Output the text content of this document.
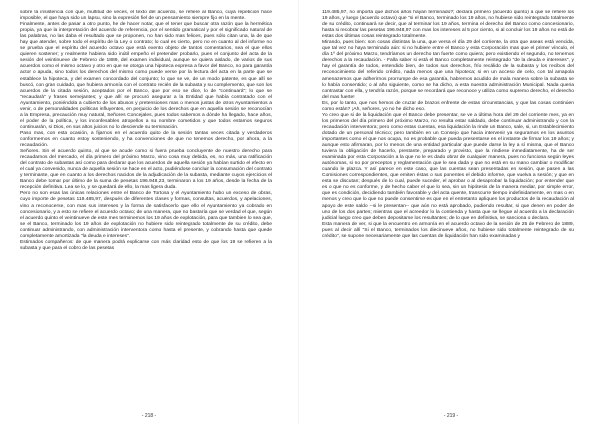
sobre la insistencia con que, multitud de veces, el texto del acuerdo, se refiere al Banco, cuya repetición hace imposible, el que haya sido un lapsu, sino la expresión fiel de un pensamiento siempre fijo en la mente.

Finalmente, antes de pasar a otro punto, he de hacer notar, que el tener que buscar otra razón que la hermética propia, ya que la interpretación del acuerdo de referencia, por el sentido gramatical y por el significado natural de las palabras, no las daba el resultado que se proponen, no han sido mas felices, pues sólo citan una, la de que hay que atender, sobre todo el espíritu de la Ley o contrato; lo cual es cierto, pero no en cuanto al del informe no se prueba que el espíritu del acuerdo octavo que está exento objeto de tantos comentarios, sea el que ellos quieren sostener; y realmente habiera sido inútil empeño el pretender probarlo, pues el conjunto del acta de la sesión del veintinueve de Febrero de 1889, del examen individual, aunque se quiera aislado, de varios de sus acuerdos como el mismo octavo y otro en que se otorga una hipoteca expresa a favor del Banco, no para garantía actor o apuda, sino todos los derechos del mismo como puede verse por la lectura del acta en la parte que se establece la hipoteca, y del examen concordado del conjunto; lo que se ve, de un modo patente, es que allí se buscó, con gran cuidado, que hubiera armonía con el contrato recién de la subasta y su complemento, que son los acuerdos de la citada sesión, aceptados por el Banco, que por eso se dice, lo de "continuará"; lo que se "recaudará" y frases semejantes; y que allí se procuró asegurar a la Entidad que había contratado con el Ayuntamiento, poniéndola a cubierto de los abusos y pretensiones mas o menos justas de otros Ayuntamientos a venir, o de personalidades políticas influyentes, en perjuicio de los derechos que en aquella sesión se reconocían a la Empresa, precaución muy natural, Señores Concejales, pues todos sabemos a dónde ha llegado, hace años, el poder de la política, y los inconfesables atropellos a su nombre cometidos y que todos estamos seguros continuarán, si Dios, en sus altos juicios no lo desciende su terminación.

Paso mas, con esta ocasión, a fijarnos en el acuerdo quito de la sesión tantas veces citada y verdaderos conformemos en cuanto estoy sosteniendo, y ha convenciones de que no tenemos derecho, por ahora, a la recaudación.

Señores. Sin el acuerdo quinto, al que se acude como si fuera prueba concluyente de nuestro derecho para recaudarnos del mercado, el día primero del próximo Marzo, vino cosa muy debida, es, no más, una ratificación del contrato de subastas así como para declarar que los acuerdos de aquella sesión ya habían surtido el efecto en el cual ya convenido, nunca de aquella sesión se hace en el acto, pudiéndose concluir la consumación del contrato y terminante, que en cuanto a los derechos nacidos de la adjudicación de la subasta, mediante cuyos ejercicios el Banco debe tomar por último de la suma de pesetas 196.948,23, terminaron a los 19 años, desde la fecha de la recepción definitiva. Lea se lo, y se quedará de ello, la mas ligera duda.

Pero no son esas las únicas relaciones entre el Banco de Tortosa y el Ayuntamiento hubo un exceso de obras, cuyo importe de pesetas 119.485,97, después de diferentes clases y formas, consultas, acuerdos, y apelaciones, vino a reconocerse, con mas sus intereses y la forma de satisfacerlo que ello el Ayuntamiento ya cobrado en concesionario, y a esto se refiere el acuerdo octavo; de una manera, que no bastaría que se verdad el que, según el acuerdo quinto el veintinueve de este mes terminemos los 19 años de explotación, para que tambien lo sea que, se el Banco, terminado los 19 años de explotación no hubiere sido reintegrado totalmente de su crédito, debe continuar administrando, con administración interventora como hasta el presente, y cobrando hasta que quede completamente amortizada "la deuda e intereses".

Estimados compañeros: de que manera podrá explicarse con más claridad esto de que los 19 se refieren a la subasta y que para el cobro de las pesetas

- 218 -

119.485,97, no importa que dichos años hayan terminado?; declara primero (acuerdo quinto) a que se refiere los 19 años, y luego (acuerdo octavo) que "si el Banco, terminado los 19 años, no hubiese sido reintegrado totalmente de su crédito, continuará se decir, que al terminar los 19 años, termina el derecho del Banco como concesionario, hasta si recobrar las pesetas 196.948,97 con mas los intereses al 5 por ciento, si al concluir los 19 años no está de estas dos últimas cosas reintegrado totalmente.

Mirando, pues bien: son cosas distintas la una, que versa el día 29 del corriente, la otra que aseas está vencida, que tal vez no haya terminado aún: si no hubiere entre el Banco y esta Corporación mas que el primer vínculo, el día 1º del próximo Marzo, tendríamos un derecho tan fuerte como quiera; pero existiendo el segundo, no tenemos derechos a la recaudación. - Falla saber si está el Banco completamente reintegrado "de la deuda e intereses", y hay el garantía de todos, entendido bien, de todos sus derechos, frío recálido de la subasta y los recibos del reconocimiento del referido crédito, nada menos que una hipoteca; si en un acceso de celo, con tal amapola amenazemos que adherirnos prorrumpe de esa garantía, habremos acudido de mala manera sobre la subasta se lo había consentido; o al año siguiente, como se ha dicho, a esta nuestra administración Municipal. Nada queria contrastar con ella, y tendría razón, porque se recordará que reconoce y utiliza como supremo derecho, el derecho del mas fuerte!

Es, por lo tanto, que nos hemos de cruzar de brazos enfrente de estas circunstancias, y que las cosas continúen como están? ¡Ah, señores, yo no he dicho eso.

Yo creo que si de la liquidación que el Banco debe presentar, se ve a última hora del 29 del corriente mes, ya en los primeros del día primero del próximo Marzo, no resulta estar saldado, debe continuar administrando y con la recaudación interventora; pero como estas cuentas, esa liquidación la rinde un Banco, sale, si, un Establecimiento dotado de un personal técnico; pero también en un Consejo que hacia intervenir ya seguramos en los asuntos importantes como el que nos ocupa, no es probable que pueda presentarse en el instante de firmar los 19 años; y aunque esto afirmaran, por lo menos de una entidad particular que puede darse la ley a sí misma, que el Banco tuviera la obligación de hacerlo, prestante, preparado y provisto, que la rindiese inmediatamente, ha de ser examinada por esta Corporación a la que no le es dado obrar de cualquier manera, pues no funciona según leyes autónomas, si no por preceptos y reglamentación que le sea dada y que no está en su mano cambiar o modificar cuando le plazca. Y así parece en este caso, que las cuentas sean presentadas en sesión, que pasen a las Comisiones correspondientes, que emiten éstas o sus ponentes el debido informe, que vuelva a sesión; y que en esta se discutan; después de lo cual, puede suceder, el aprobar o al desaprobar la liquidación; por entender que es o que no es conforme, y de hecho caber el que lo sea, sin un hipótesis de la manera mediar, por simple error, que es condición, decidiendo también favorable y del acta quente, transcurre tiempo indefinidamente, en mas o en menos y creo que lo que no puede consentirse es que en el entretanto apliquen los productos de la recaudación al apoyo de este saldo --si le presentan-- que aún no está aprobado, pudiendo resultar, si que denen en poder de uno de los dos partes; mientras que el acreedor lo la contienda y hasta que se llegue al acuerdo a la declaración judicial luego creo que deben depositarse los resultantes; de lo que en definitiva, se sanciona o declara.

Esta manera de ver, si que la encuentro en armonía en el acuerdo octavo de la sesión de 25 de Febrero de 1889, pues al decir allí "Si el Banco, terminados los diecinueve años, no hubiese sido totalmente reintegrado de su crédito", se supone necesariamente que las cuentas de liquidación han sido examinadas y

- 219 -
